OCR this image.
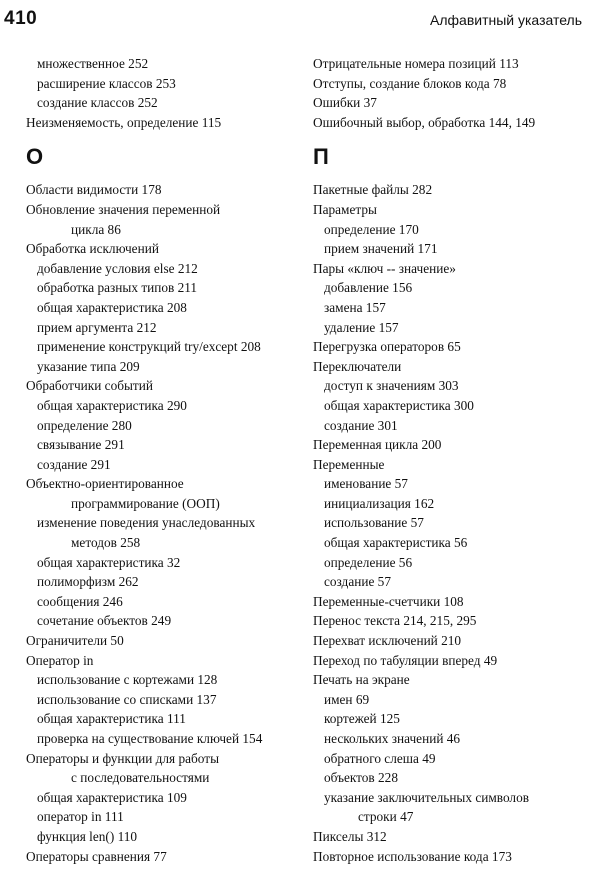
410	Алфавитный указатель
множественное 252
расширение классов 253
создание классов 252
Неизменяемость, определение 115
О
Области видимости 178
Обновление значения переменной
цикла 86
Обработка исключений
добавление условия else 212
обработка разных типов 211
общая характеристика 208
прием аргумента 212
применение конструкций try/except 208
указание типа 209
Обработчики событий
общая характеристика 290
определение 280
связывание 291
создание 291
Объектно-ориентированное
программирование (ООП)
изменение поведения унаследованных
методов 258
общая характеристика 32
полиморфизм 262
сообщения 246
сочетание объектов 249
Ограничители 50
Оператор in
использование с кортежами 128
использование со списками 137
общая характеристика 111
проверка на существование ключей 154
Операторы и функции для работы
с последовательностями
общая характеристика 109
оператор in 111
функция len() 110
Операторы сравнения 77
Отрицательные номера позиций 113
Отступы, создание блоков кода 78
Ошибки 37
Ошибочный выбор, обработка 144, 149
П
Пакетные файлы 282
Параметры
определение 170
прием значений 171
Пары «ключ -- значение»
добавление 156
замена 157
удаление 157
Перегрузка операторов 65
Переключатели
доступ к значениям 303
общая характеристика 300
создание 301
Переменная цикла 200
Переменные
именование 57
инициализация 162
использование 57
общая характеристика 56
определение 56
создание 57
Переменные-счетчики 108
Перенос текста 214, 215, 295
Перехват исключений 210
Переход по табуляции вперед 49
Печать на экране
имен 69
кортежей 125
нескольких значений 46
обратного слеша 49
объектов 228
указание заключительных символов
строки 47
Пикселы 312
Повторное использование кода 173
